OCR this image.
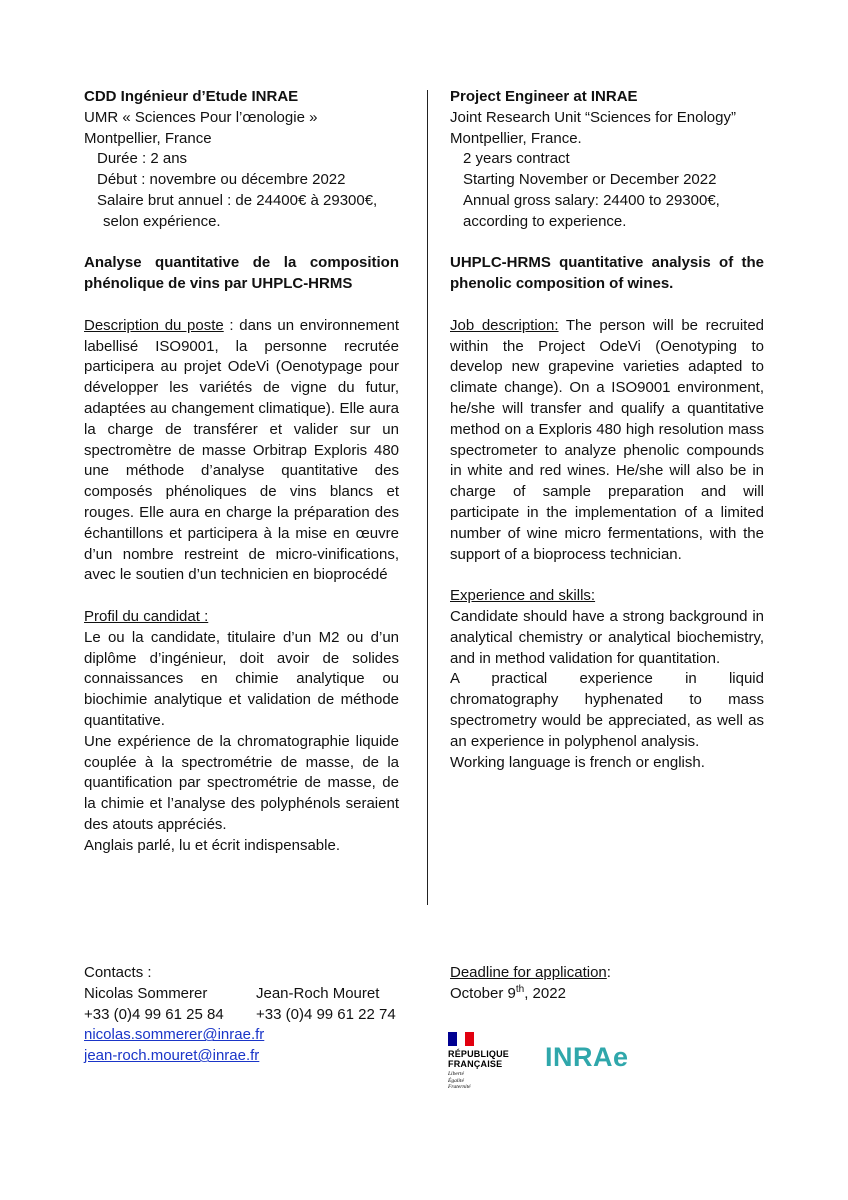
CDD Ingénieur d’Etude INRAE

UMR « Sciences Pour l’œnologie »

Montpellier, France

Durée : 2 ans

Début : novembre ou décembre 2022

Salaire brut annuel : de 24400€ à 29300€,

selon expérience.

Analyse quantitative de la composition phénolique de vins par UHPLC-HRMS

Description du poste : dans un environnement labellisé ISO9001, la personne recrutée participera au projet OdeVi (Oenotypage pour développer les variétés de vigne du futur, adaptées au changement climatique). Elle aura la charge de transférer et valider sur un spectromètre de masse Orbitrap Exploris 480 une méthode d’analyse quantitative des composés phénoliques de vins blancs et rouges. Elle aura en charge la préparation des échantillons et participera à la mise en œuvre d’un nombre restreint de micro-vinifications, avec le soutien d’un technicien en bioprocédé

Profil du candidat :

Le ou la candidate, titulaire d’un M2 ou d’un diplôme d’ingénieur, doit avoir de solides connaissances en chimie analytique ou biochimie analytique et validation de méthode quantitative.

Une expérience de la chromatographie liquide couplée à la spectrométrie de masse, de la quantification par spectrométrie de masse, de la chimie et l’analyse des polyphénols seraient des atouts appréciés.

Anglais parlé, lu et écrit indispensable.

Project Engineer at INRAE

Joint Research Unit “Sciences for Enology”

Montpellier, France.

2 years contract

Starting November or December 2022

Annual gross salary: 24400 to 29300€,

according to experience.

UHPLC-HRMS quantitative analysis of the phenolic composition of wines.

Job description: The person will be recruited within the Project OdeVi (Oenotyping to develop new grapevine varieties adapted to climate change). On a ISO9001 environment, he/she will transfer and qualify a quantitative method on a Exploris 480 high resolution mass spectrometer to analyze phenolic compounds in white and red wines. He/she will also be in charge of sample preparation and will participate in the implementation of a limited number of wine micro fermentations, with the support of a bioprocess technician.

Experience and skills:

Candidate should have a strong background in analytical chemistry or analytical biochemistry, and in method validation for quantitation.

A practical experience in liquid chromatography hyphenated to mass spectrometry would be appreciated, as well as an experience in polyphenol analysis.

Working language is french or english.

Contacts :

Nicolas Sommerer	Jean-Roch Mouret
+33 (0)4 99 61 25 84	+33 (0)4 99 61 22 74

nicolas.sommerer@inrae.fr

jean-roch.mouret@inrae.fr

Deadline for application:

October 9th, 2022

RÉPUBLIQUE
FRANÇAISE
Liberté
Égalité
Fraternité
INRAe
